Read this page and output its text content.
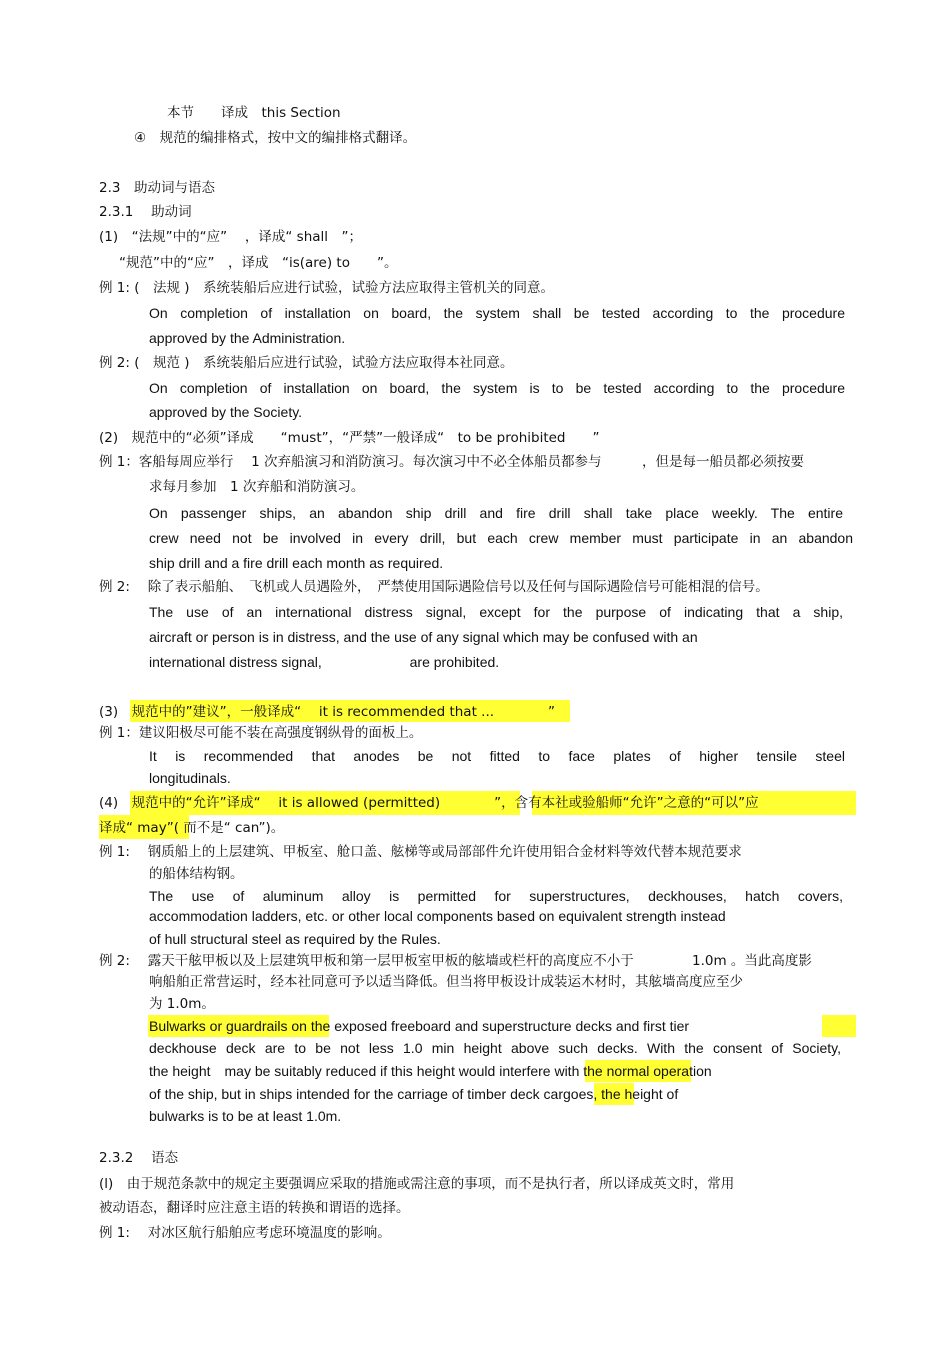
本节　　译成　this Section
④　规范的编排格式，按中文的编排格式翻译。
2.3　助动词与语态
2.3.1　 助动词
(1)　“法规”中的“应”　 ，译成“ shall　”；
“规范”中的“应”　，译成　“is(are) to　　”。
例 1: (　法规 )　系统装船后应进行试验，试验方法应取得主管机关的同意。
On completion of installation on board, the system shall be tested according to the procedure
approved by the Administration.
例 2: (　规范 )　系统装船后应进行试验，试验方法应取得本社同意。
On completion of installation on board, the system is to be tested according to the procedure
approved by the Society.
(2)　规范中的“必须”译成　　“must”，“严禁”一般译成“　to be prohibited　　”
例 1：客船每周应举行　 1 次弃船演习和消防演习。每次演习中不必全体船员都参与　　　，但是每一船员都必须按要
求每月参加　1 次弃船和消防演习。
On passenger ships, an abandon ship drill and fire drill shall take place weekly. The entire
crew need not be involved in every drill, but each crew member must participate in an abandon
ship drill and a fire drill each month as required.
例 2:　 除了表示船舶、　飞机或人员遇险外，　严禁使用国际遇险信号以及任何与国际遇险信号可能相混的信号。
The use of an international distress signal, except for the purpose of indicating that a ship,
aircraft or person is in distress, and the use of any signal which may be confused with an
international distress signal,　　　　　　 are prohibited.
(3)　规范中的”建议”，一般译成“　 it is recommended that ...　　　　”
例 1：建议阳极尽可能不装在高强度钢纵骨的面板上。
It is recommended that anodes be not fitted to face plates of higher tensile steel
longitudinals.
(4)　规范中的“允许”译成“　 it is allowed (permitted)　　　　”，含有本社或验船师“允许”之意的“可以”应
译成“ may”( 而不是“ can”)。
例 1:　 钢质船上的上层建筑、甲板室、舱口盖、舷梯等或局部部件允许使用铝合金材料等效代替本规范要求
的船体结构钢。
The use of aluminum alloy is permitted for superstructures, deckhouses, hatch covers,
accommodation ladders, etc. or other local components based on equivalent strength instead
of hull structural steel as required by the Rules.
例 2:　 露天干舷甲板以及上层建筑甲板和第一层甲板室甲板的舷墙或栏杆的高度应不小于　　　　 1.0m 。当此高度影
响船舶正常营运时，经本社同意可予以适当降低。但当将甲板设计成装运木材时，其舷墙高度应至少
为 1.0m。
Bulwarks or guardrails on the exposed freeboard and superstructure decks and first tier
deckhouse deck are to be not less 1.0 min height above such decks. With the consent of Society,
the height　may be suitably reduced if this height would interfere with the normal operation
of the ship, but in ships intended for the carriage of timber deck cargoes, the height of
bulwarks is to be at least 1.0m.
2.3.2　 语态
(l)　由于规范条款中的规定主要强调应采取的措施或需注意的事项，而不是执行者，所以译成英文时，常用
被动语态，翻译时应注意主语的转换和谓语的选择。
例 1:　 对冰区航行船舶应考虑环境温度的影响。
